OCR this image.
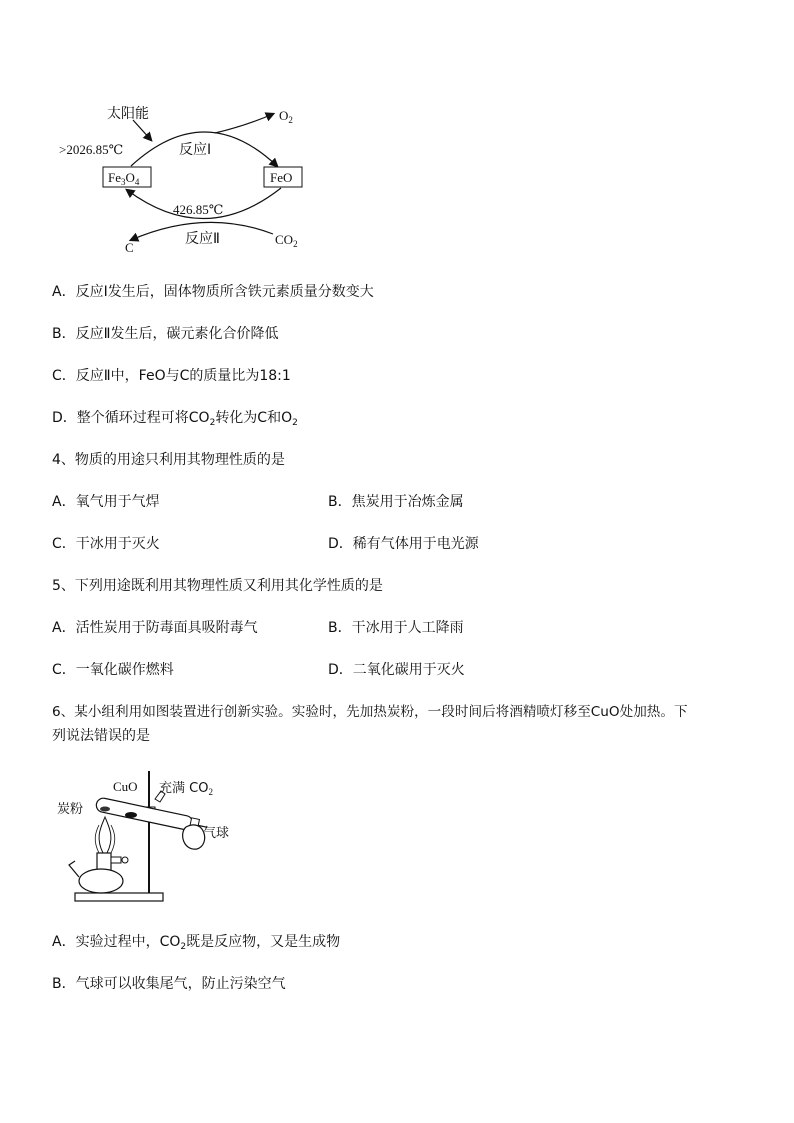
太阳能	$O_2$
>2026.85℃	反应Ⅰ
$Fe_3O_4$	FeO
426.85℃
反应Ⅱ
C
$CO_2$
A．反应Ⅰ发生后，固体物质所含铁元素质量分数变大
B．反应Ⅱ发生后，碳元素化合价降低
C．反应Ⅱ中，FeO与C的质量比为18:1
D．整个循环过程可将$CO_2$转化为C和$O_2$
4、物质的用途只利用其物理性质的是
A．氧气用于气焊	B．焦炭用于冶炼金属
C．干冰用于灭火	D．稀有气体用于电光源
5、下列用途既利用其物理性质又利用其化学性质的是
A．活性炭用于防毒面具吸附毒气	B．干冰用于人工降雨
C．一氧化碳作燃料	D．二氧化碳用于灭火
6、某小组利用如图装置进行创新实验。实验时，先加热炭粉，一段时间后将酒精喷灯移至CuO处加热。下
列说法错误的是
CuO 充满 $CO_2$
炭粉
气球
A．实验过程中，$CO_2$既是反应物，又是生成物
B．气球可以收集尾气，防止污染空气
